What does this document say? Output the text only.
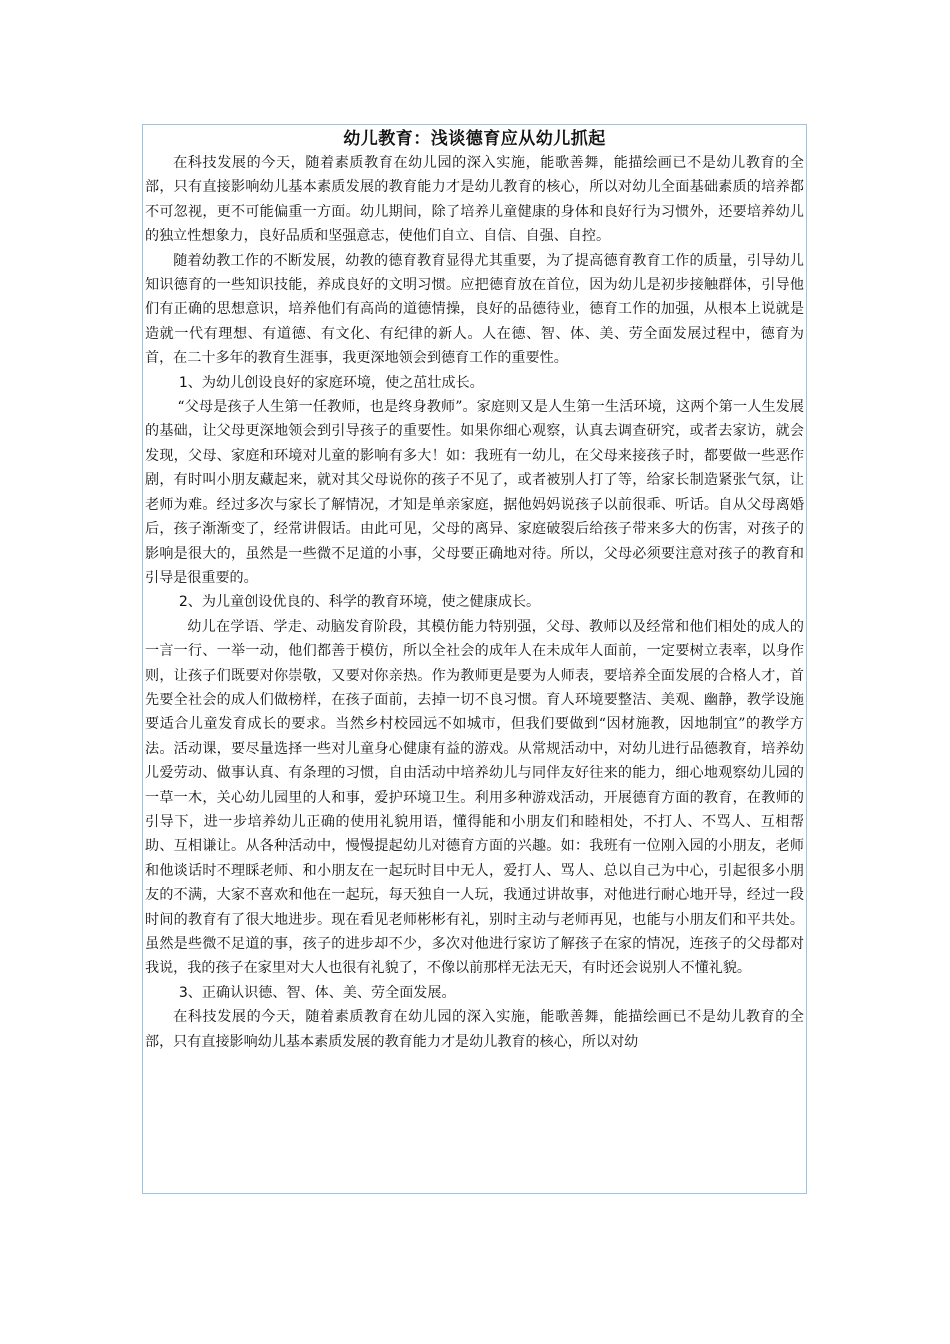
幼儿教育：浅谈德育应从幼儿抓起

在科技发展的今天，随着素质教育在幼儿园的深入实施，能歌善舞，能描绘画已不是幼儿教育的全部，只有直接影响幼儿基本素质发展的教育能力才是幼儿教育的核心，所以对幼儿全面基础素质的培养都不可忽视，更不可能偏重一方面。幼儿期间，除了培养儿童健康的身体和良好行为习惯外，还要培养幼儿的独立性想象力，良好品质和坚强意志，使他们自立、自信、自强、自控。

随着幼教工作的不断发展，幼教的德育教育显得尤其重要，为了提高德育教育工作的质量，引导幼儿知识德育的一些知识技能，养成良好的文明习惯。应把德育放在首位，因为幼儿是初步接触群体，引导他们有正确的思想意识，培养他们有高尚的道德情操，良好的品德待业，德育工作的加强，从根本上说就是造就一代有理想、有道德、有文化、有纪律的新人。人在德、智、体、美、劳全面发展过程中，德育为首，在二十多年的教育生涯事，我更深地领会到德育工作的重要性。

1、为幼儿创设良好的家庭环境，使之茁壮成长。

“父母是孩子人生第一任教师，也是终身教师”。家庭则又是人生第一生活环境，这两个第一人生发展的基础，让父母更深地领会到引导孩子的重要性。如果你细心观察，认真去调查研究，或者去家访，就会发现，父母、家庭和环境对儿童的影响有多大！如：我班有一幼儿，在父母来接孩子时，都要做一些恶作剧，有时叫小朋友藏起来，就对其父母说你的孩子不见了，或者被别人打了等，给家长制造紧张气氛，让老师为难。经过多次与家长了解情况，才知是单亲家庭，据他妈妈说孩子以前很乖、听话。自从父母离婚后，孩子渐渐变了，经常讲假话。由此可见，父母的离异、家庭破裂后给孩子带来多大的伤害，对孩子的影响是很大的，虽然是一些微不足道的小事，父母要正确地对待。所以，父母必须要注意对孩子的教育和引导是很重要的。

2、为儿童创设优良的、科学的教育环境，使之健康成长。

幼儿在学语、学走、动脑发育阶段，其模仿能力特别强，父母、教师以及经常和他们相处的成人的一言一行、一举一动，他们都善于模仿，所以全社会的成年人在未成年人面前，一定要树立表率，以身作则，让孩子们既要对你崇敬，又要对你亲热。作为教师更是要为人师表，要培养全面发展的合格人才，首先要全社会的成人们做榜样，在孩子面前，去掉一切不良习惯。育人环境要整洁、美观、幽静，教学设施要适合儿童发育成长的要求。当然乡村校园远不如城市，但我们要做到“因材施教，因地制宜”的教学方法。活动课，要尽量选择一些对儿童身心健康有益的游戏。从常规活动中，对幼儿进行品德教育，培养幼儿爱劳动、做事认真、有条理的习惯，自由活动中培养幼儿与同伴友好往来的能力，细心地观察幼儿园的一草一木，关心幼儿园里的人和事，爱护环境卫生。利用多种游戏活动，开展德育方面的教育，在教师的引导下，进一步培养幼儿正确的使用礼貌用语，懂得能和小朋友们和睦相处，不打人、不骂人、互相帮助、互相谦让。从各种活动中，慢慢提起幼儿对德育方面的兴趣。如：我班有一位刚入园的小朋友，老师和他谈话时不理睬老师、和小朋友在一起玩时目中无人，爱打人、骂人、总以自己为中心，引起很多小朋友的不满，大家不喜欢和他在一起玩，每天独自一人玩，我通过讲故事，对他进行耐心地开导，经过一段时间的教育有了很大地进步。现在看见老师彬彬有礼，别时主动与老师再见，也能与小朋友们和平共处。虽然是些微不足道的事，孩子的进步却不少，多次对他进行家访了解孩子在家的情况，连孩子的父母都对我说，我的孩子在家里对大人也很有礼貌了，不像以前那样无法无天，有时还会说别人不懂礼貌。

3、正确认识德、智、体、美、劳全面发展。

在科技发展的今天，随着素质教育在幼儿园的深入实施，能歌善舞，能描绘画已不是幼儿教育的全部，只有直接影响幼儿基本素质发展的教育能力才是幼儿教育的核心，所以对幼
